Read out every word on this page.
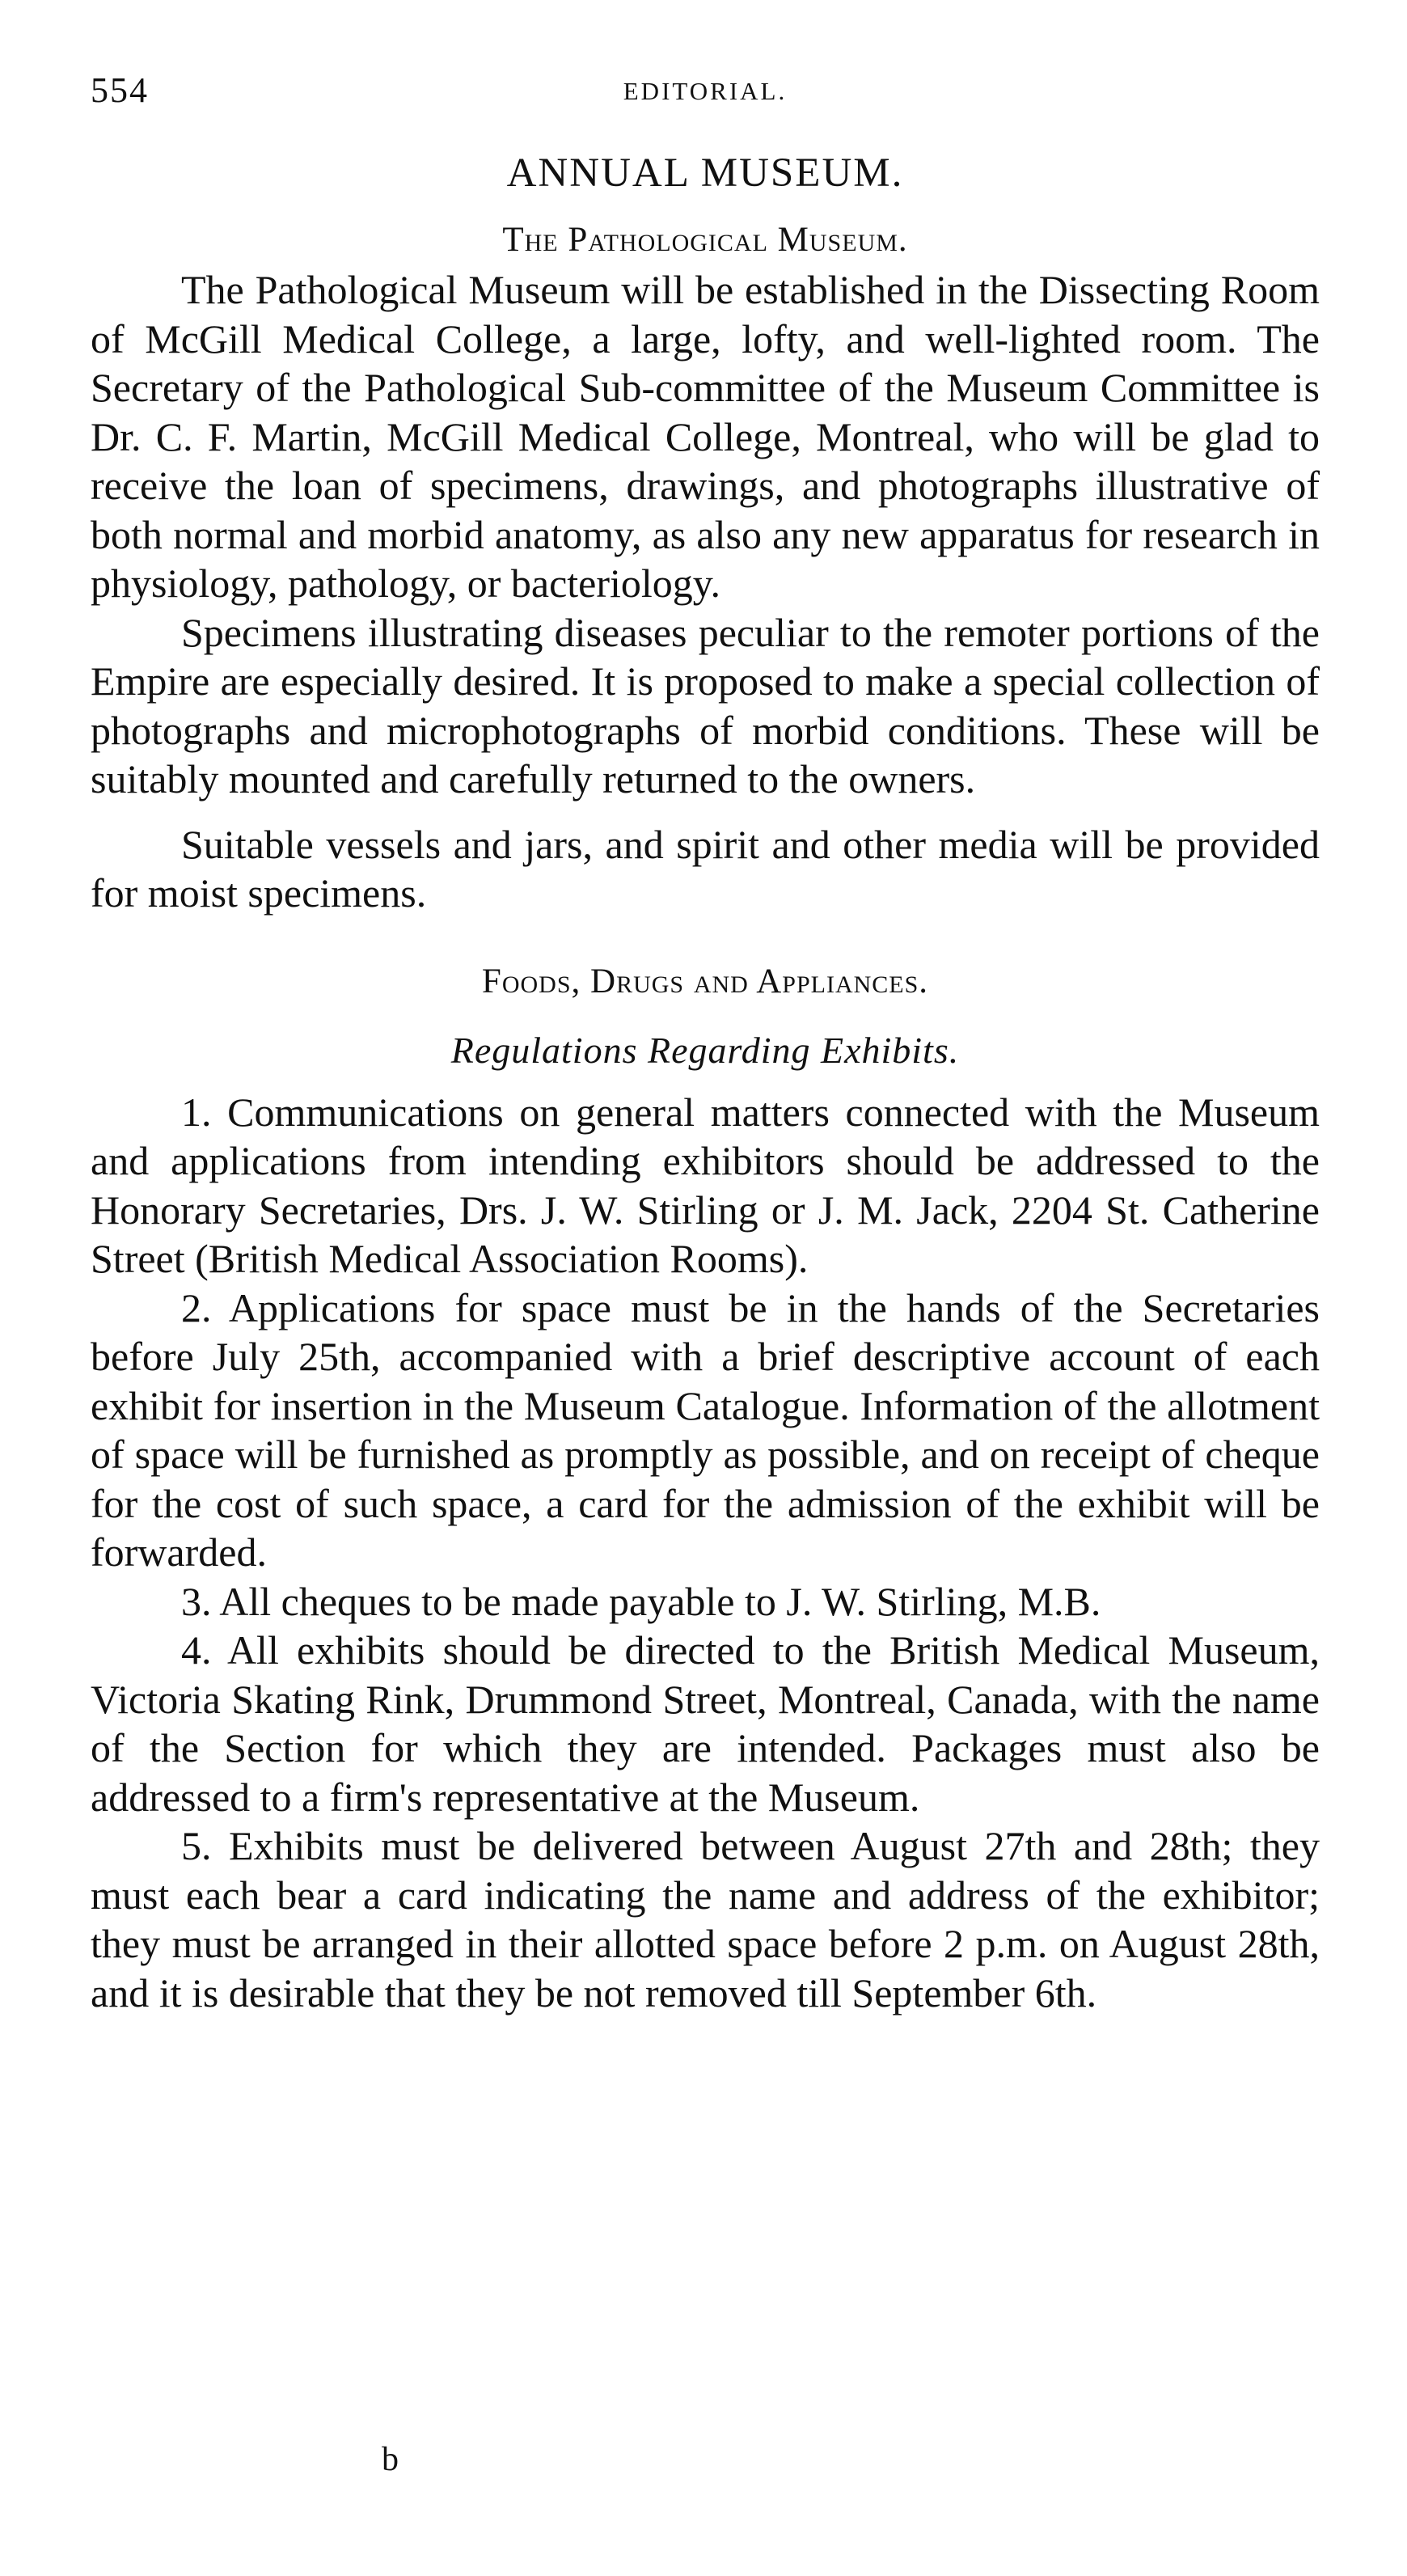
554	EDITORIAL.
ANNUAL MUSEUM.
The Pathological Museum.

The Pathological Museum will be established in the Dissecting Room of McGill Medical College, a large, lofty, and well-lighted room. The Secretary of the Pathological Sub-committee of the Museum Committee is Dr. C. F. Martin, McGill Medical College, Montreal, who will be glad to receive the loan of specimens, drawings, and photographs illustrative of both normal and morbid anatomy, as also any new apparatus for research in physiology, pathology, or bacteriology.

Specimens illustrating diseases peculiar to the remoter portions of the Empire are especially desired. It is proposed to make a special collection of photographs and microphotographs of morbid conditions. These will be suitably mounted and carefully returned to the owners.

Suitable vessels and jars, and spirit and other media will be provided for moist specimens.

Foods, Drugs and Appliances.
Regulations Regarding Exhibits.

1. Communications on general matters connected with the Museum and applications from intending exhibitors should be addressed to the Honorary Secretaries, Drs. J. W. Stirling or J. M. Jack, 2204 St. Catherine Street (British Medical Association Rooms).

2. Applications for space must be in the hands of the Secretaries before July 25th, accompanied with a brief descriptive account of each exhibit for insertion in the Museum Catalogue. Information of the allotment of space will be furnished as promptly as possible, and on receipt of cheque for the cost of such space, a card for the admission of the exhibit will be forwarded.

3. All cheques to be made payable to J. W. Stirling, M.B.

4. All exhibits should be directed to the British Medical Museum, Victoria Skating Rink, Drummond Street, Montreal, Canada, with the name of the Section for which they are intended. Packages must also be addressed to a firm's representative at the Museum.

5. Exhibits must be delivered between August 27th and 28th; they must each bear a card indicating the name and address of the exhibitor; they must be arranged in their allotted space before 2 p.m. on August 28th, and it is desirable that they be not removed till September 6th.

b
